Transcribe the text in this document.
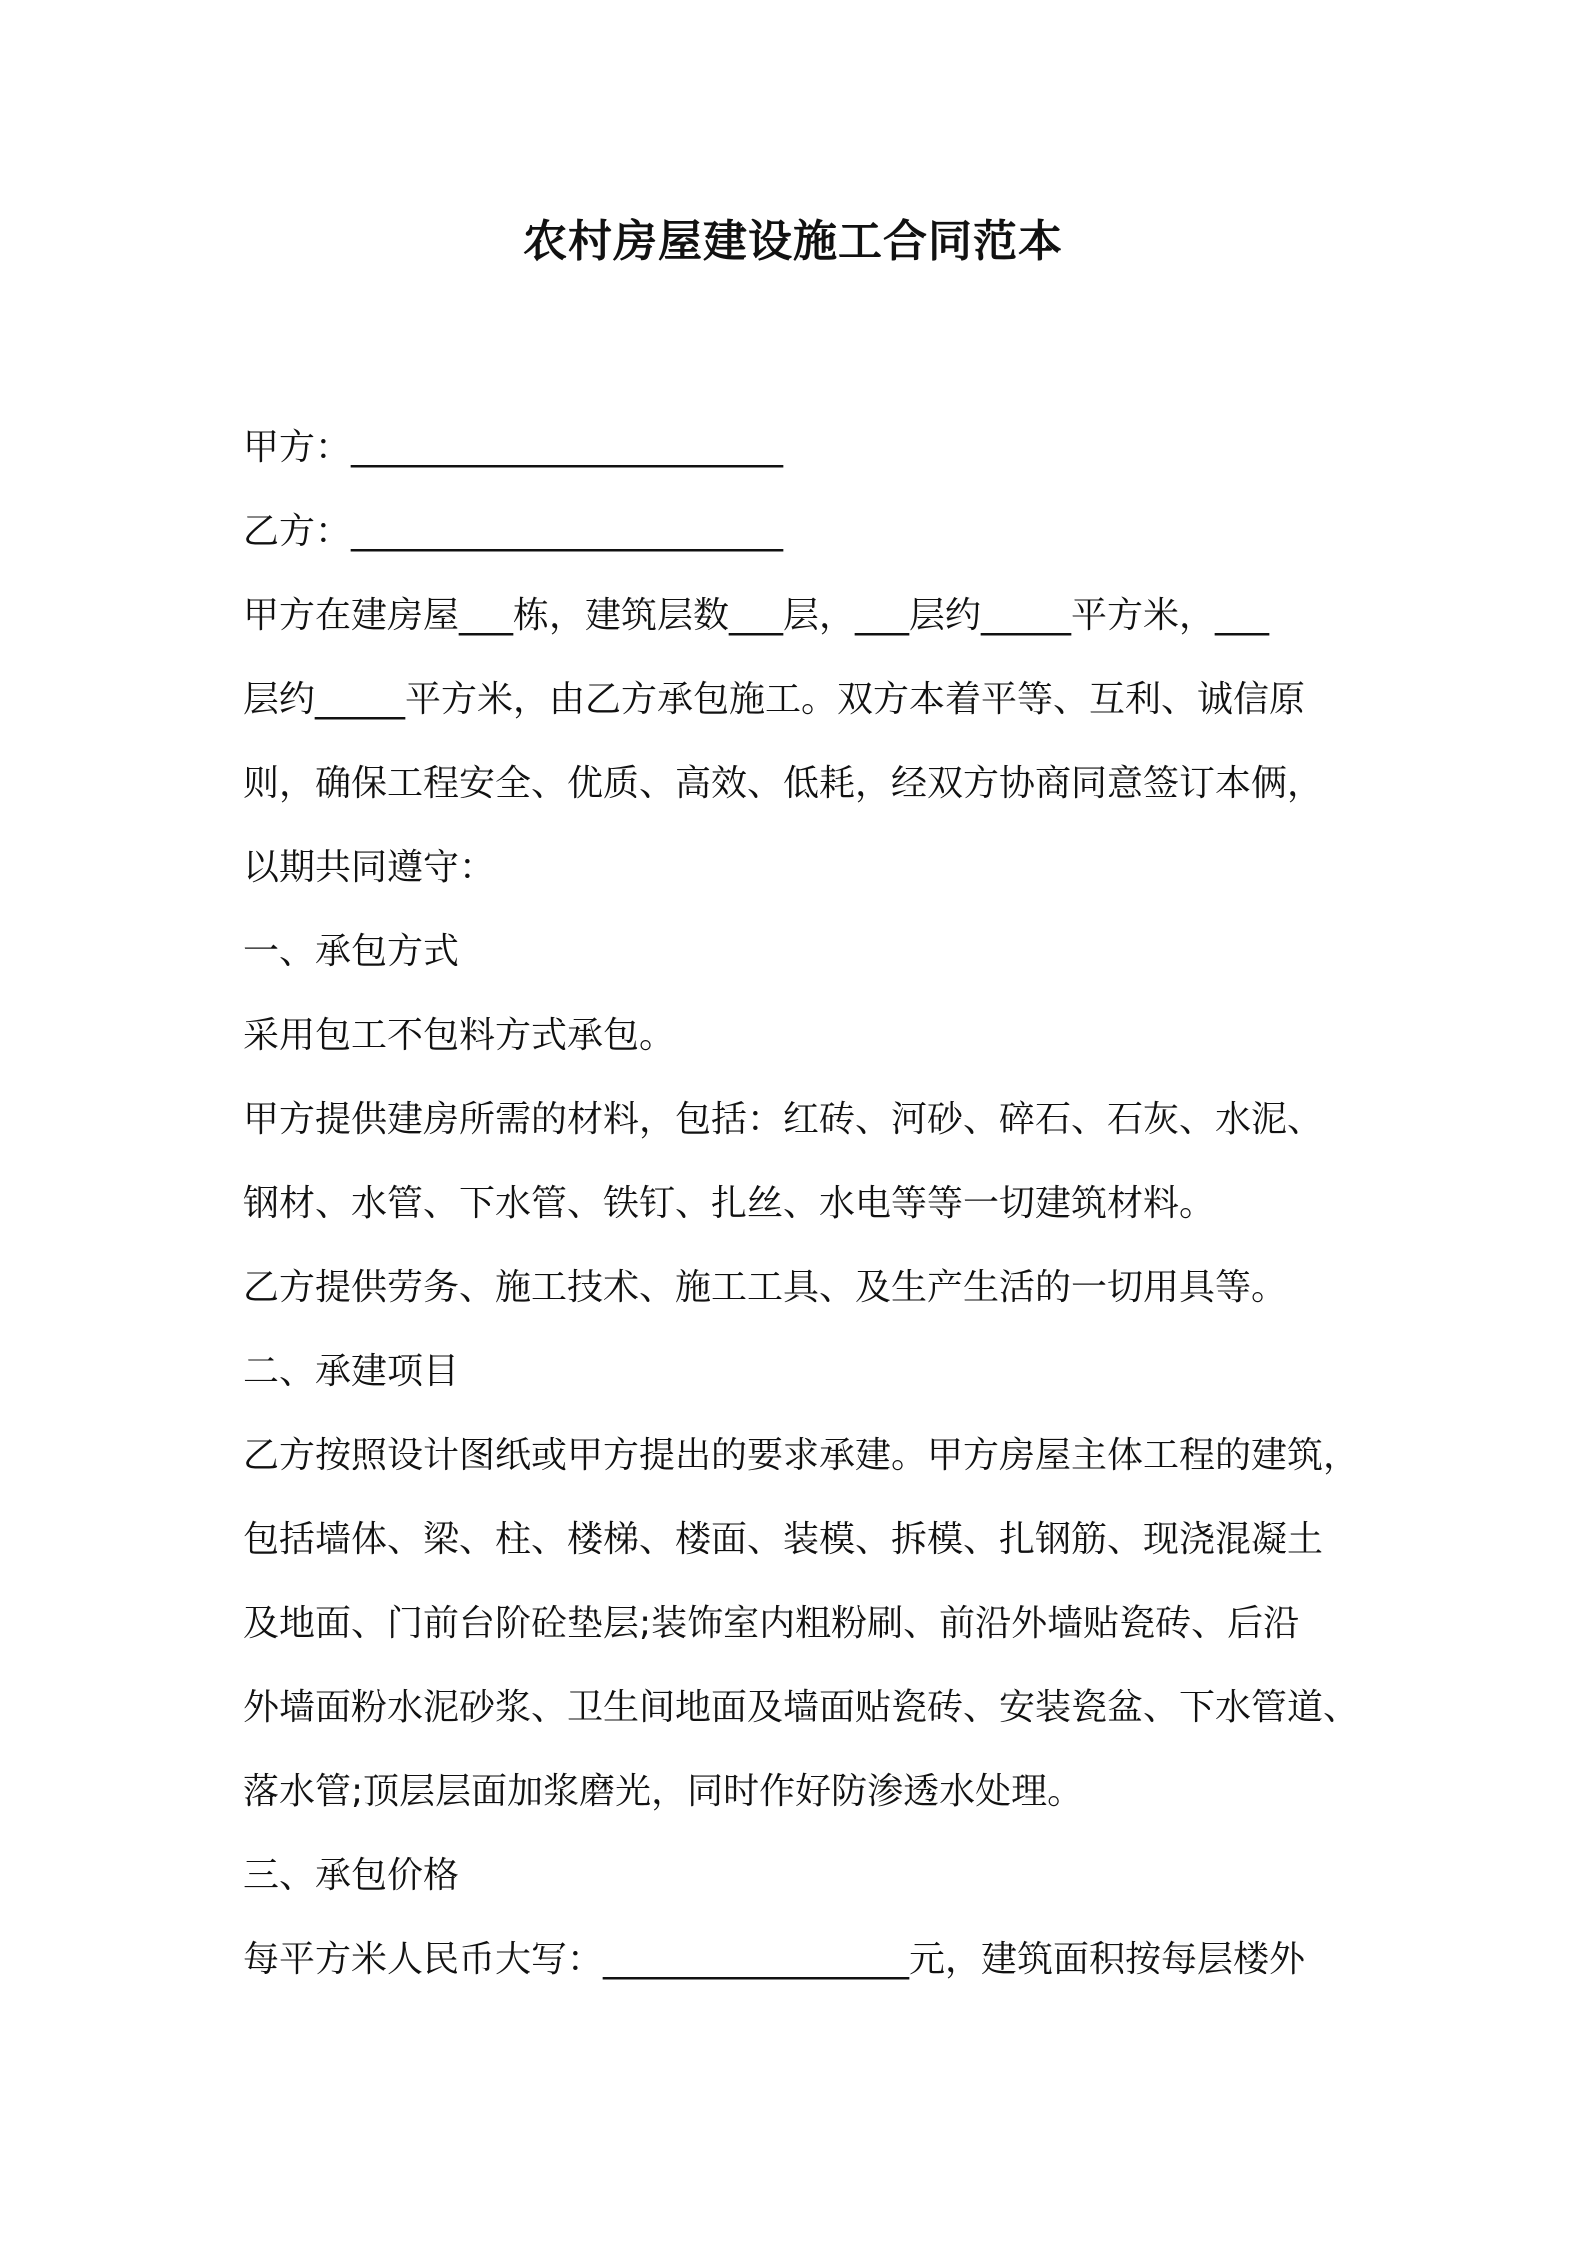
农村房屋建设施工合同范本
甲方：________________________
乙方：________________________
甲方在建房屋___栋，建筑层数___层，___层约_____平方米，___
层约_____平方米，由乙方承包施工。双方本着平等、互利、诚信原
则，确保工程安全、优质、高效、低耗，经双方协商同意签订本俩，
以期共同遵守：
一、承包方式
采用包工不包料方式承包。
甲方提供建房所需的材料，包括：红砖、河砂、碎石、石灰、水泥、
钢材、水管、下水管、铁钉、扎丝、水电等等一切建筑材料。
乙方提供劳务、施工技术、施工工具、及生产生活的一切用具等。
二、承建项目
乙方按照设计图纸或甲方提出的要求承建。甲方房屋主体工程的建筑，
包括墙体、梁、柱、楼梯、楼面、装模、拆模、扎钢筋、现浇混凝土
及地面、门前台阶砼垫层;装饰室内粗粉刷、前沿外墙贴瓷砖、后沿
外墙面粉水泥砂浆、卫生间地面及墙面贴瓷砖、安装瓷盆、下水管道、
落水管;顶层层面加浆磨光，同时作好防渗透水处理。
三、承包价格
每平方米人民币大写：_________________元，建筑面积按每层楼外
